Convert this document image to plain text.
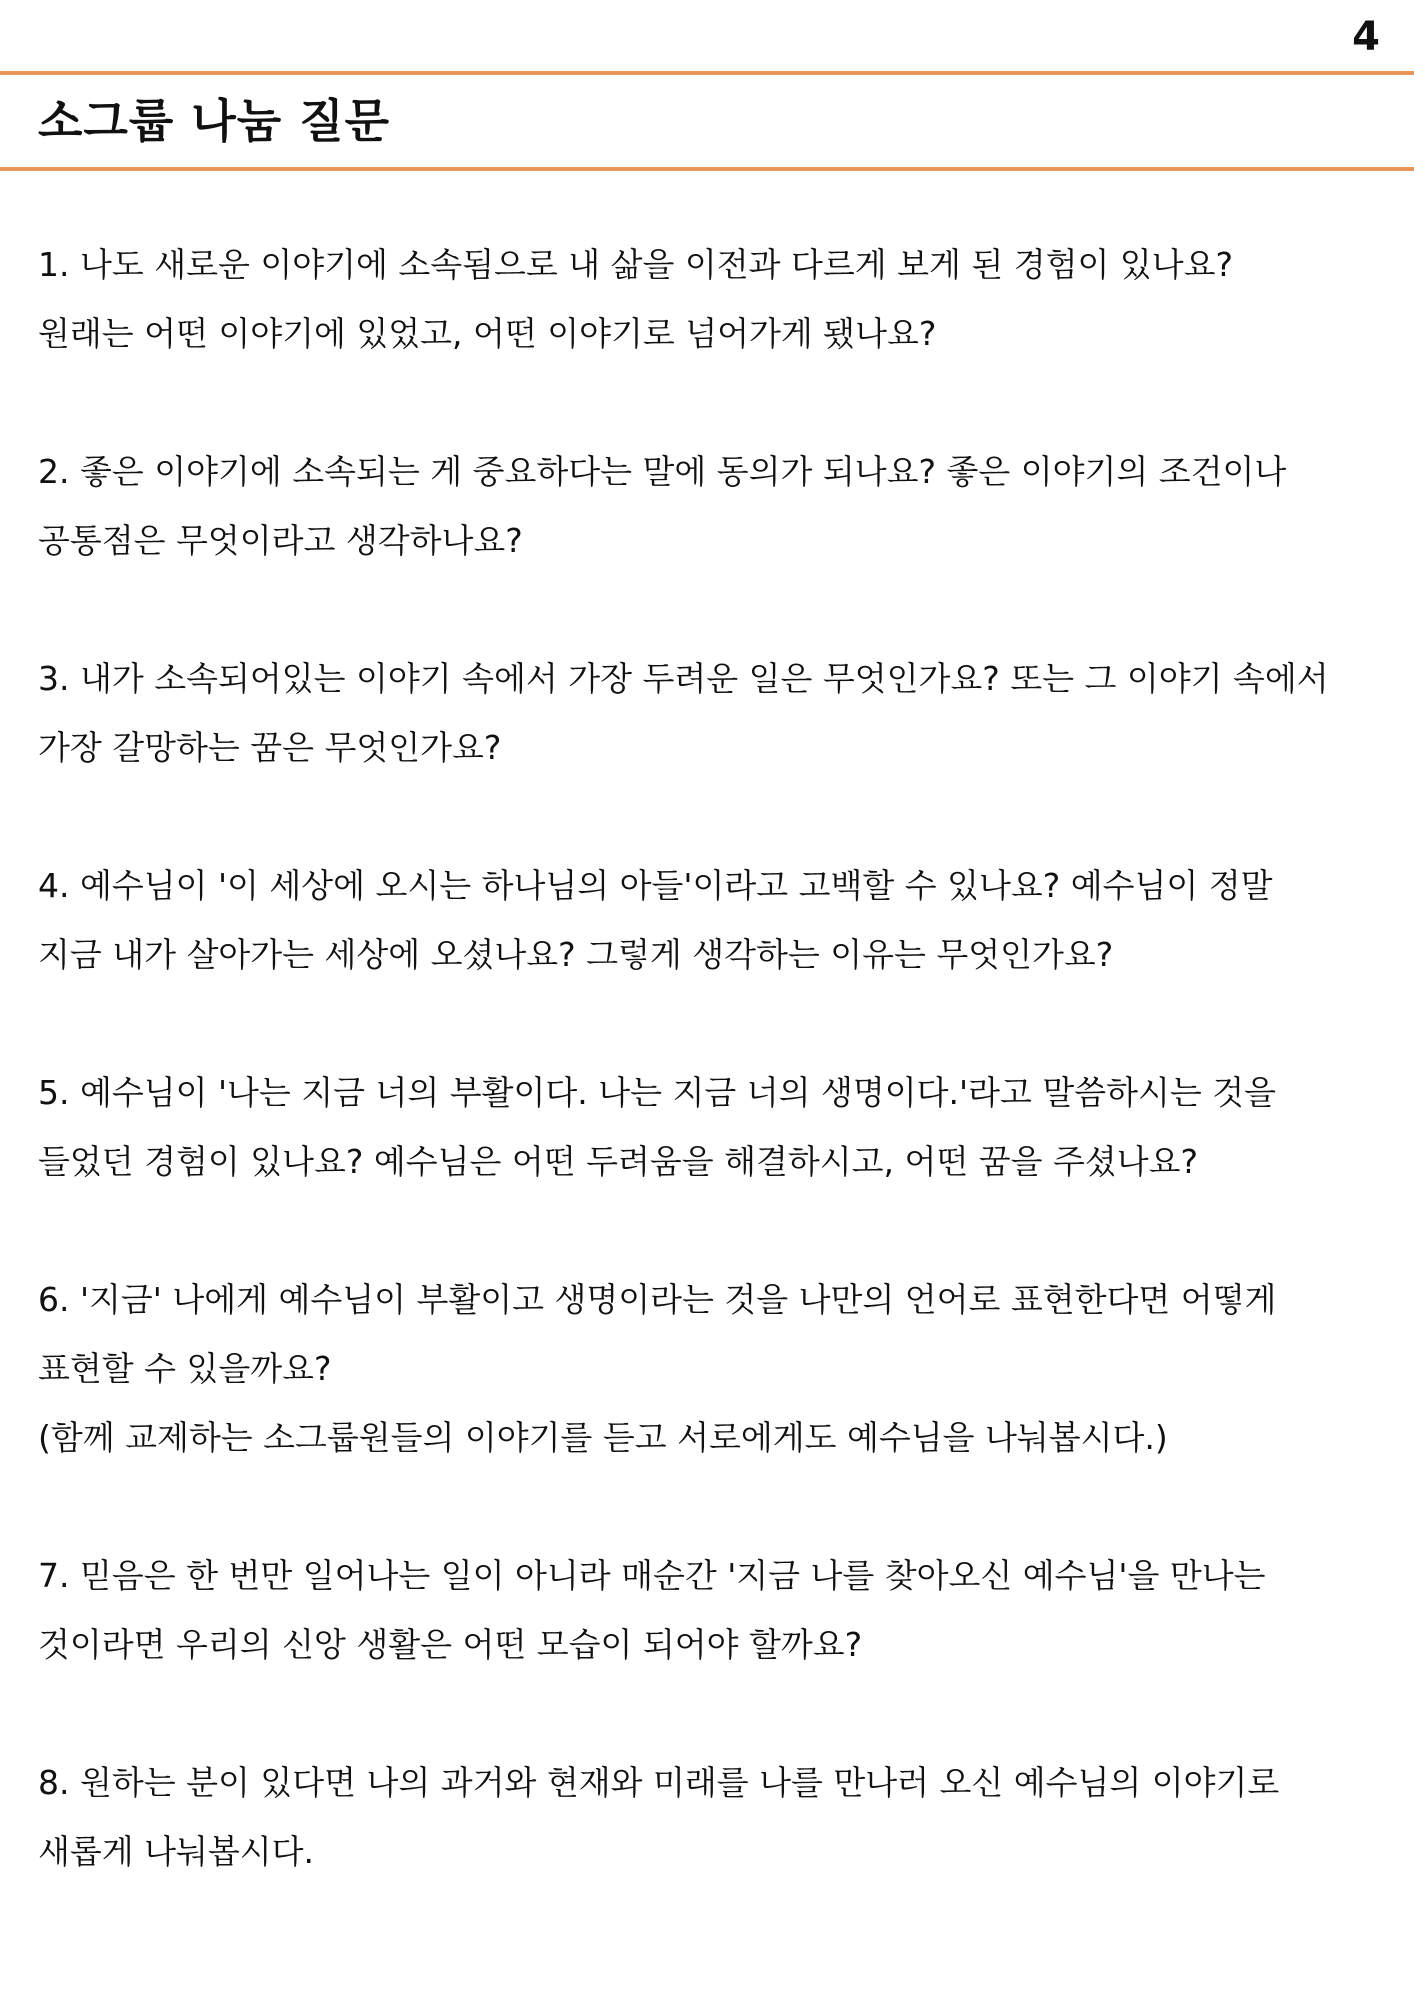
4
소그룹 나눔 질문
1. 나도 새로운 이야기에 소속됨으로 내 삶을 이전과 다르게 보게 된 경험이 있나요?
원래는 어떤 이야기에 있었고, 어떤 이야기로 넘어가게 됐나요?
2. 좋은 이야기에 소속되는 게 중요하다는 말에 동의가 되나요? 좋은 이야기의 조건이나
공통점은 무엇이라고 생각하나요?
3. 내가 소속되어있는 이야기 속에서 가장 두려운 일은 무엇인가요? 또는 그 이야기 속에서
가장 갈망하는 꿈은 무엇인가요?
4. 예수님이 '이 세상에 오시는 하나님의 아들'이라고 고백할 수 있나요? 예수님이 정말
지금 내가 살아가는 세상에 오셨나요? 그렇게 생각하는 이유는 무엇인가요?
5. 예수님이 '나는 지금 너의 부활이다. 나는 지금 너의 생명이다.'라고 말씀하시는 것을
들었던 경험이 있나요? 예수님은 어떤 두려움을 해결하시고, 어떤 꿈을 주셨나요?
6. '지금' 나에게 예수님이 부활이고 생명이라는 것을 나만의 언어로 표현한다면 어떻게
표현할 수 있을까요?
(함께 교제하는 소그룹원들의 이야기를 듣고 서로에게도 예수님을 나눠봅시다.)
7. 믿음은 한 번만 일어나는 일이 아니라 매순간 '지금 나를 찾아오신 예수님'을 만나는
것이라면 우리의 신앙 생활은 어떤 모습이 되어야 할까요?
8. 원하는 분이 있다면 나의 과거와 현재와 미래를 나를 만나러 오신 예수님의 이야기로
새롭게 나눠봅시다.
